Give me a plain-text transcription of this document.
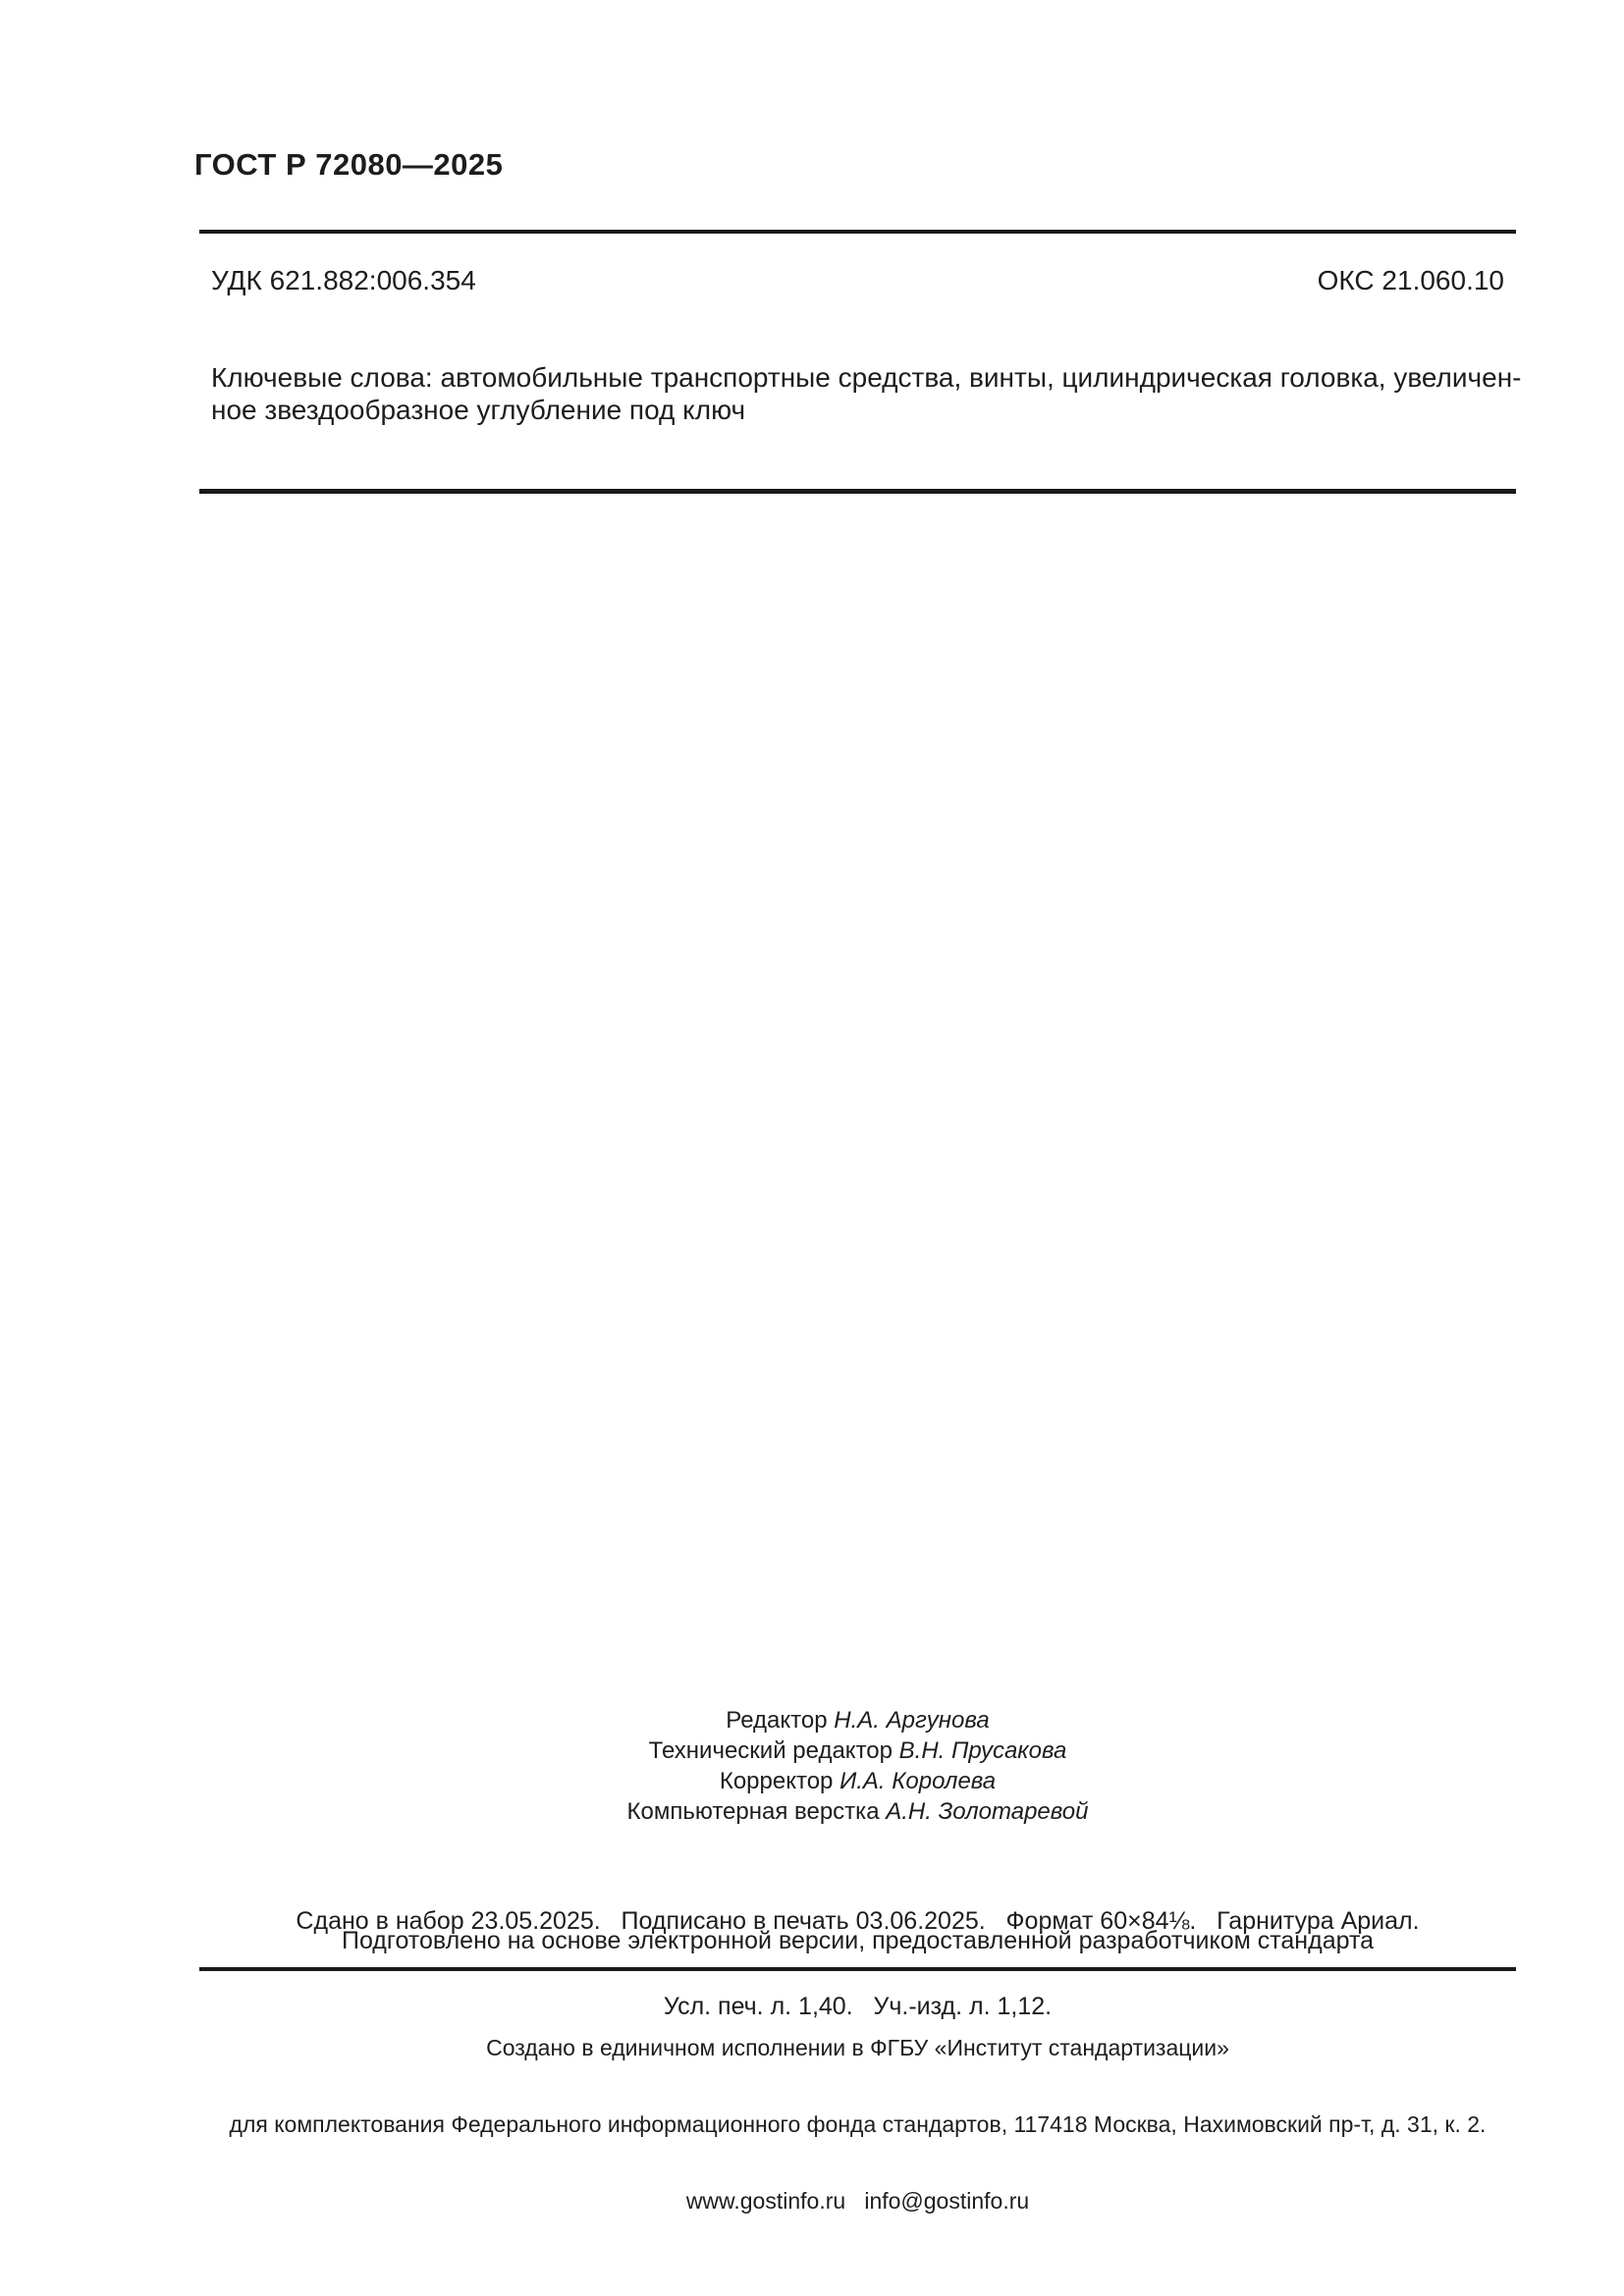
ГОСТ Р 72080—2025
УДК 621.882:006.354	ОКС 21.060.10
Ключевые слова: автомобильные транспортные средства, винты, цилиндрическая головка, увеличен-
ное звездообразное углубление под ключ
Редактор Н.А. Аргунова
Технический редактор В.Н. Прусакова
Корректор И.А. Королева
Компьютерная верстка А.Н. Золотаревой

Сдано в набор 23.05.2025.   Подписано в печать 03.06.2025.   Формат 60×84⅛.   Гарнитура Ариал.

Усл. печ. л. 1,40.   Уч.-изд. л. 1,12.

Подготовлено на основе электронной версии, предоставленной разработчиком стандарта

Создано в единичном исполнении в ФГБУ «Институт стандартизации»

для комплектования Федерального информационного фонда стандартов, 117418 Москва, Нахимовский пр-т, д. 31, к. 2.

www.gostinfo.ru   info@gostinfo.ru
